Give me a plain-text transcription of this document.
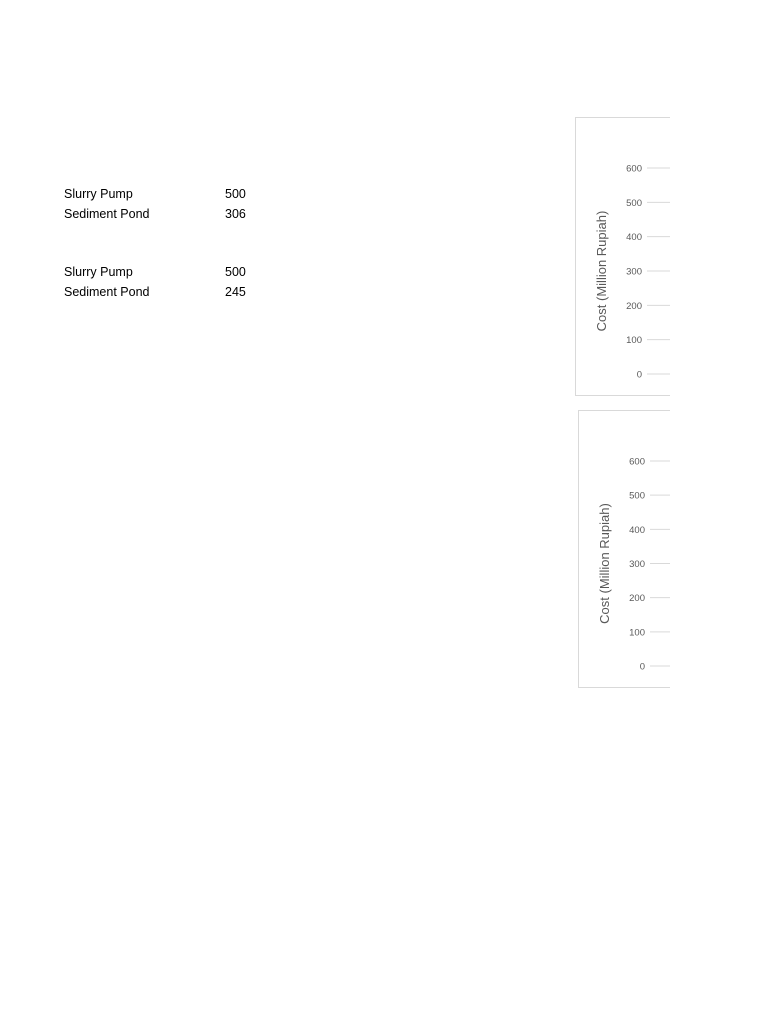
Slurry Pump	500
Sediment Pond	306
Slurry Pump	500
Sediment Pond	245
0
100
200
300
400
500
600
Cost (Million Rupiah)
0
100
200
300
400
500
600
Cost (Million Rupiah)
